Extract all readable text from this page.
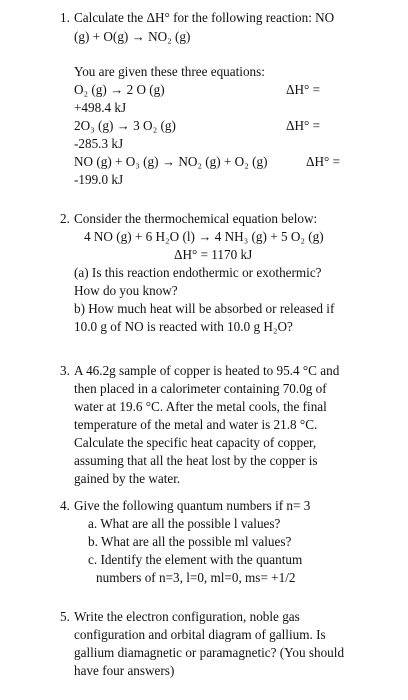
1. Calculate the ΔH° for the following reaction: NO
(g) + O(g) → NO₂ (g)
You are given these three equations:
O₂ (g) → 2 O (g)	ΔH° =
+498.4 kJ
2O₃ (g) → 3 O₂ (g)	ΔH° =
-285.3 kJ
NO (g) + O₃ (g) → NO₂ (g) + O₂ (g)	ΔH° =
-199.0 kJ
2. Consider the thermochemical equation below:
4 NO (g) + 6 H₂O (l) → 4 NH₃ (g) + 5 O₂ (g)
ΔH° = 1170 kJ
(a) Is this reaction endothermic or exothermic?
How do you know?
b) How much heat will be absorbed or released if
10.0 g of NO is reacted with 10.0 g H₂O?
3. A 46.2g sample of copper is heated to 95.4 °C and
then placed in a calorimeter containing 70.0g of
water at 19.6 °C. After the metal cools, the final
temperature of the metal and water is 21.8 °C.
Calculate the specific heat capacity of copper,
assuming that all the heat lost by the copper is
gained by the water.
4. Give the following quantum numbers if n= 3
a. What are all the possible l values?
b. What are all the possible ml values?
c. Identify the element with the quantum
numbers of n=3, l=0, ml=0, ms= +1/2
5. Write the electron configuration, noble gas
configuration and orbital diagram of gallium. Is
gallium diamagnetic or paramagnetic? (You should
have four answers)
